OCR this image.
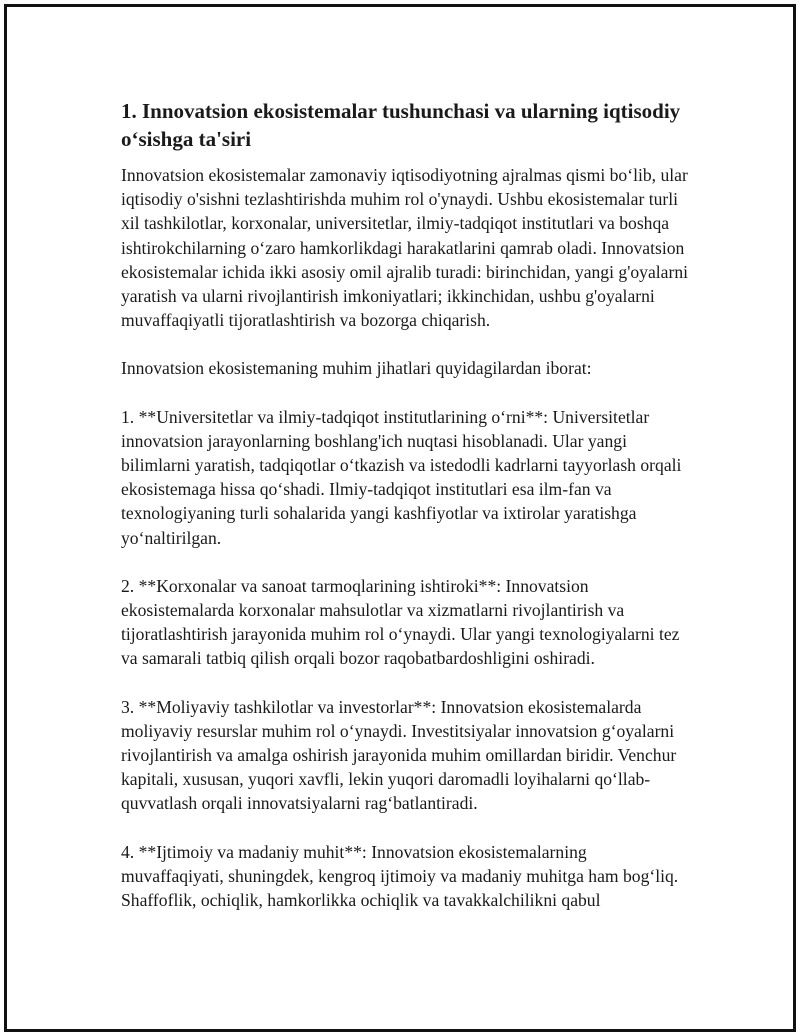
1. Innovatsion ekosistemalar tushunchasi va ularning iqtisodiy o‘sishga ta'siri

Innovatsion ekosistemalar zamonaviy iqtisodiyotning ajralmas qismi bo‘lib, ular iqtisodiy o'sishni tezlashtirishda muhim rol o'ynaydi. Ushbu ekosistemalar turli xil tashkilotlar, korxonalar, universitetlar, ilmiy-tadqiqot institutlari va boshqa ishtirokchilarning o‘zaro hamkorlikdagi harakatlarini qamrab oladi. Innovatsion ekosistemalar ichida ikki asosiy omil ajralib turadi: birinchidan, yangi g'oyalarni yaratish va ularni rivojlantirish imkoniyatlari; ikkinchidan, ushbu g'oyalarni muvaffaqiyatli tijoratlashtirish va bozorga chiqarish.

Innovatsion ekosistemaning muhim jihatlari quyidagilardan iborat:

1. **Universitetlar va ilmiy-tadqiqot institutlarining o‘rni**: Universitetlar innovatsion jarayonlarning boshlang'ich nuqtasi hisoblanadi. Ular yangi bilimlarni yaratish, tadqiqotlar o‘tkazish va istedodli kadrlarni tayyorlash orqali ekosistemaga hissa qo‘shadi. Ilmiy-tadqiqot institutlari esa ilm-fan va texnologiyaning turli sohalarida yangi kashfiyotlar va ixtirolar yaratishga yo‘naltirilgan.

2. **Korxonalar va sanoat tarmoqlarining ishtiroki**: Innovatsion ekosistemalarda korxonalar mahsulotlar va xizmatlarni rivojlantirish va tijoratlashtirish jarayonida muhim rol o‘ynaydi. Ular yangi texnologiyalarni tez va samarali tatbiq qilish orqali bozor raqobatbardoshligini oshiradi.

3. **Moliyaviy tashkilotlar va investorlar**: Innovatsion ekosistemalarda moliyaviy resurslar muhim rol o‘ynaydi. Investitsiyalar innovatsion g‘oyalarni rivojlantirish va amalga oshirish jarayonida muhim omillardan biridir. Venchur kapitali, xususan, yuqori xavfli, lekin yuqori daromadli loyihalarni qo‘llab-quvvatlash orqali innovatsiyalarni rag‘batlantiradi.

4. **Ijtimoiy va madaniy muhit**: Innovatsion ekosistemalarning muvaffaqiyati, shuningdek, kengroq ijtimoiy va madaniy muhitga ham bog‘liq. Shaffoflik, ochiqlik, hamkorlikka ochiqlik va tavakkalchilikni qabul
